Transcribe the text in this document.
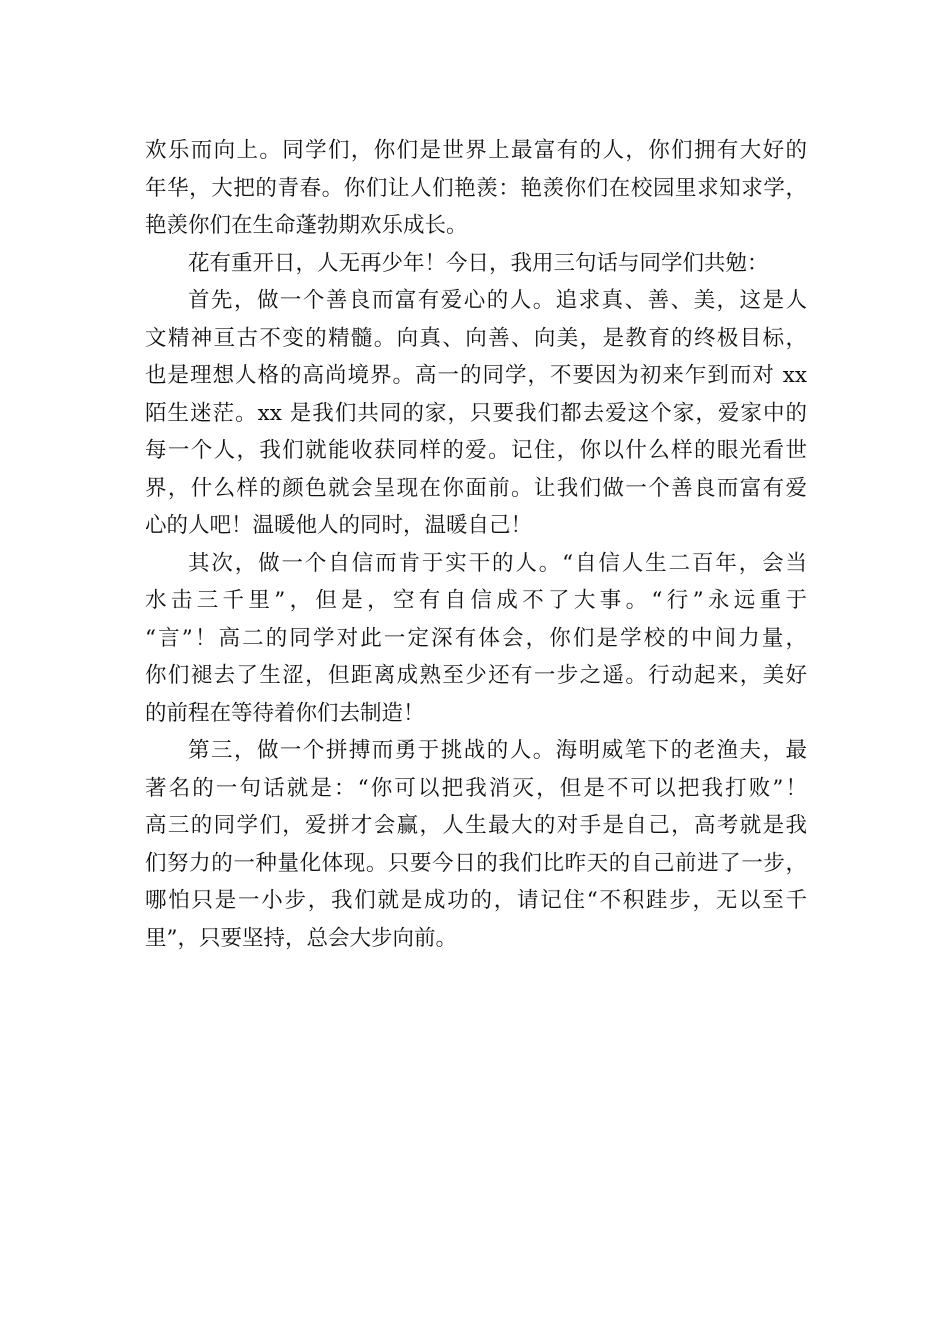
欢乐而向上。同学们，你们是世界上最富有的人，你们拥有大好的
年华，大把的青春。你们让人们艳羡：艳羡你们在校园里求知求学，
艳羡你们在生命蓬勃期欢乐成长。
花有重开日，人无再少年！今日，我用三句话与同学们共勉：
首先，做一个善良而富有爱心的人。追求真、善、美，这是人
文精神亘古不变的精髓。向真、向善、向美，是教育的终极目标，
也是理想人格的高尚境界。高一的同学，不要因为初来乍到而对 xx
陌生迷茫。xx 是我们共同的家，只要我们都去爱这个家，爱家中的
每一个人，我们就能收获同样的爱。记住，你以什么样的眼光看世
界，什么样的颜色就会呈现在你面前。让我们做一个善良而富有爱
心的人吧！温暖他人的同时，温暖自己！
其次，做一个自信而肯于实干的人。“自信人生二百年，会当
水击三千里”，但是，空有自信成不了大事。“行”永远重于
“言”！高二的同学对此一定深有体会，你们是学校的中间力量，
你们褪去了生涩，但距离成熟至少还有一步之遥。行动起来，美好
的前程在等待着你们去制造！
第三，做一个拼搏而勇于挑战的人。海明威笔下的老渔夫，最
著名的一句话就是：“你可以把我消灭，但是不可以把我打败”！
高三的同学们，爱拼才会赢，人生最大的对手是自己，高考就是我
们努力的一种量化体现。只要今日的我们比昨天的自己前进了一步，
哪怕只是一小步，我们就是成功的，请记住“不积跬步，无以至千
里”，只要坚持，总会大步向前。
